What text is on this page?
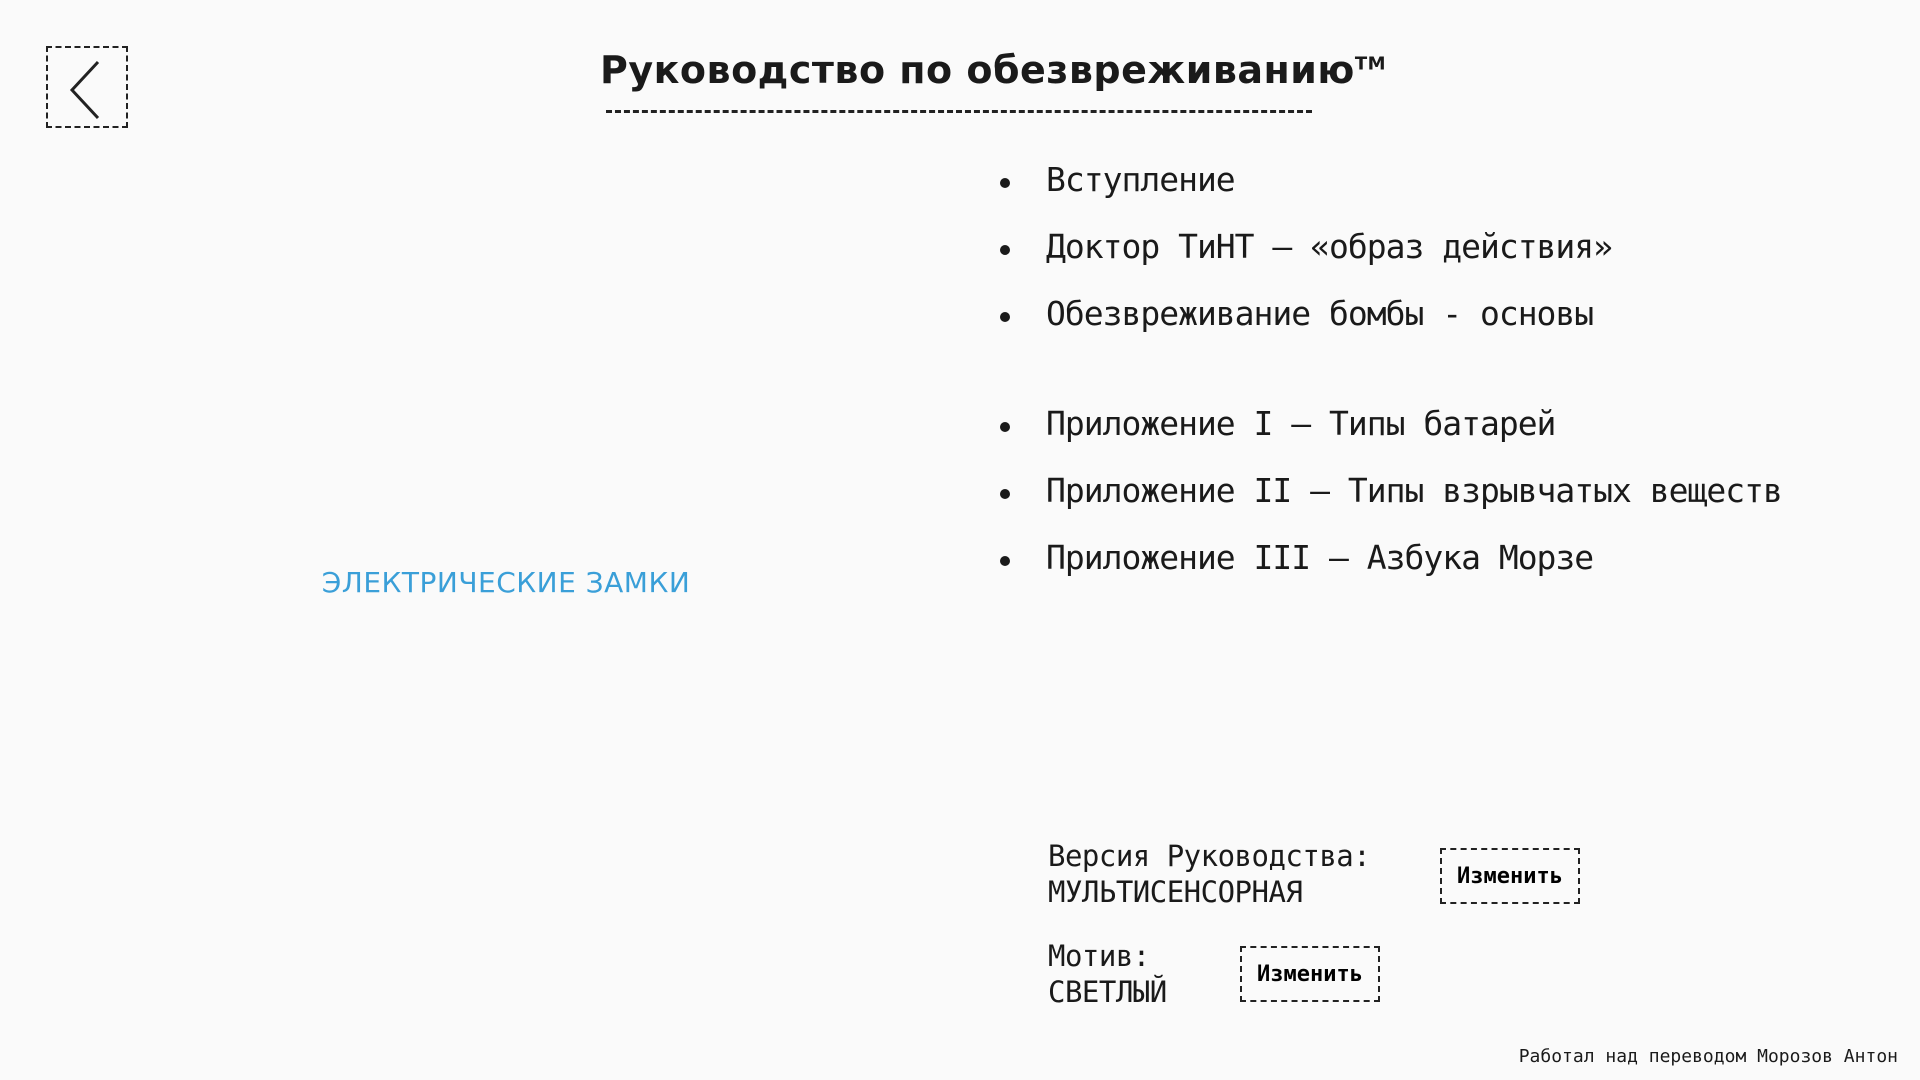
Руководство по обезвреживанию™
ЭЛЕКТРИЧЕСКИЕ ЗАМКИ
Вступление
Доктор ТиНТ – «образ действия»
Обезвреживание бомбы - основы
Приложение I – Типы батарей
Приложение II – Типы взрывчатых веществ
Приложение III – Азбука Морзе
Версия Руководства:
МУЛЬТИСЕНСОРНАЯ	Изменить
Мотив:
СВЕТЛЫЙ
Изменить
Работал над переводом Морозов Антон
